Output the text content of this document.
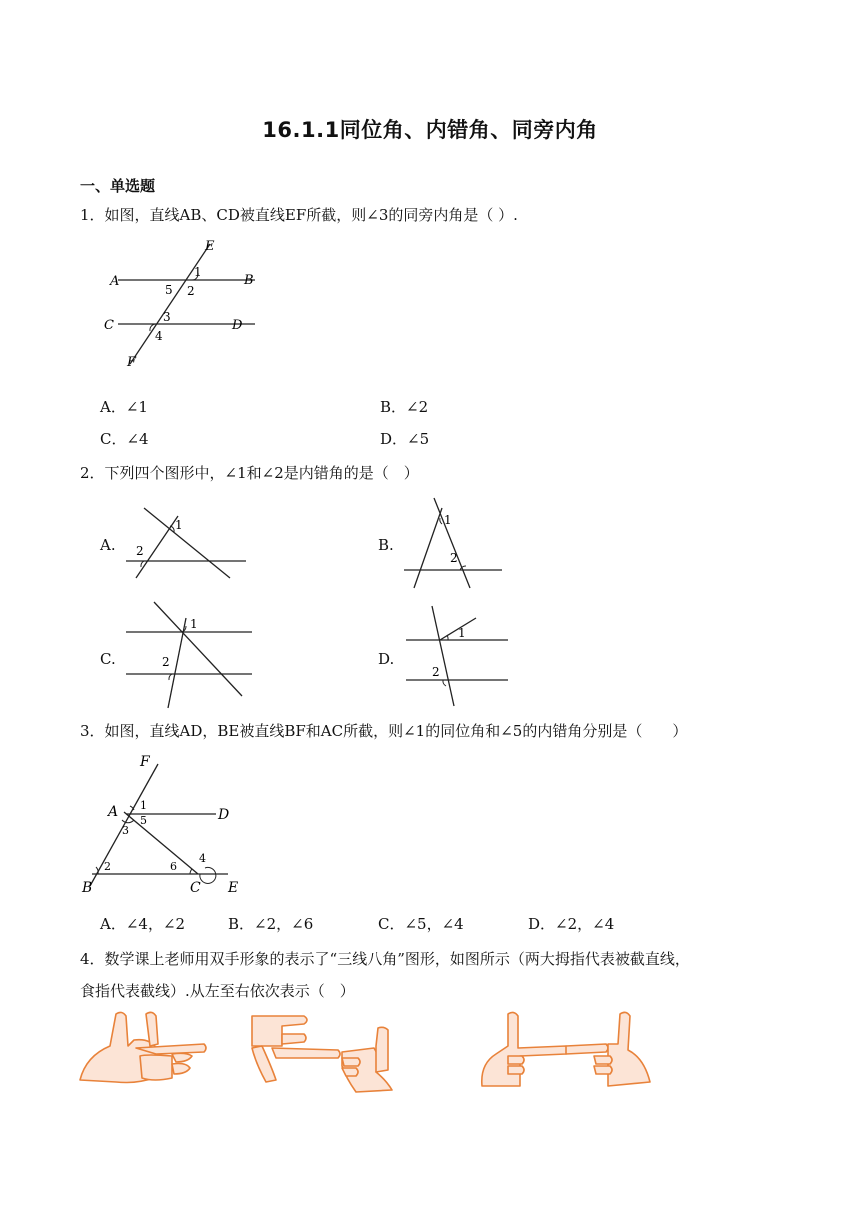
16.1.1同位角、内错角、同旁内角
一、单选题
1．如图，直线AB、CD被直线EF所截，则∠3的同旁内角是（ ）.
A	B
C	D
E
F
1
2
3
4
5
A．∠1	B．∠2
C．∠4	D．∠5
2．下列四个图形中，∠1和∠2是内错角的是（　）
A.
1
2	B.
1
2
C.
1
2	D.
1
2
3．如图，直线AD，BE被直线BF和AC所截，则∠1的同位角和∠5的内错角分别是（　　）
F
A	D
B	C E
1
2
3
4
5
6
A．∠4，∠2	B．∠2，∠6	C．∠5，∠4	D．∠2，∠4
4．数学课上老师用双手形象的表示了“三线八角”图形，如图所示（两大拇指代表被截直线，
食指代表截线）.从左至右依次表示（　）
